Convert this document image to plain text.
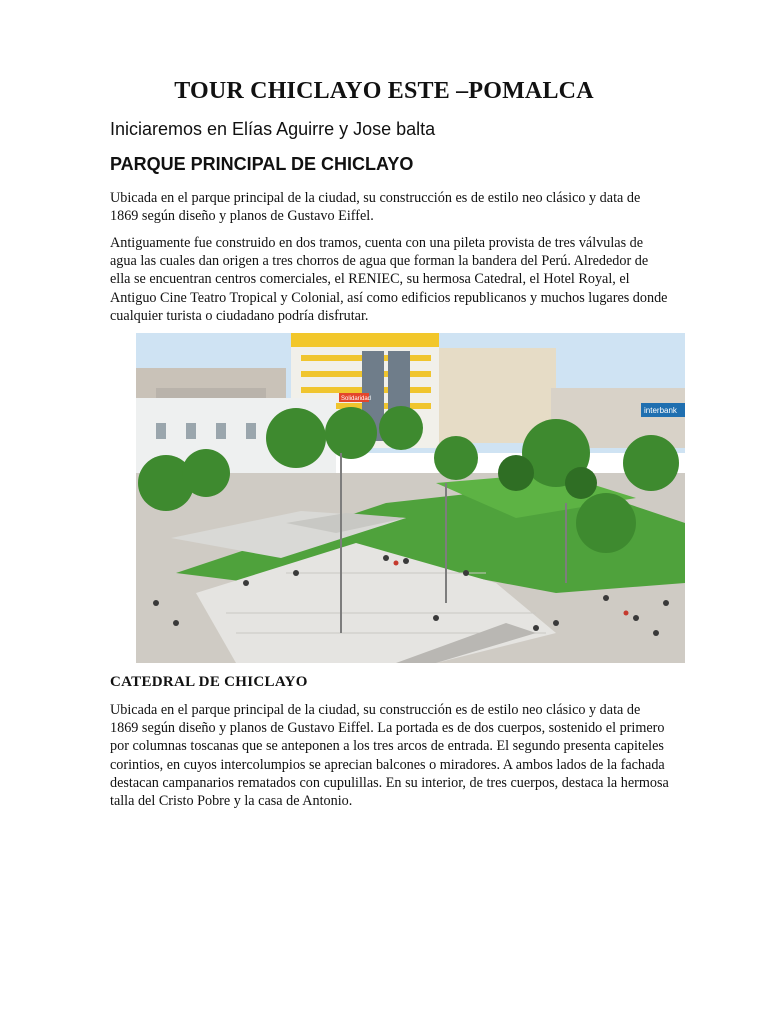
TOUR CHICLAYO ESTE –POMALCA
Iniciaremos en Elías Aguirre y Jose balta
PARQUE PRINCIPAL DE CHICLAYO

Ubicada en el parque principal de la ciudad, su construcción es de estilo neo clásico y data de 1869 según diseño y planos de Gustavo Eiffel.

Antiguamente fue construido en dos tramos, cuenta con una pileta provista de tres válvulas de agua las cuales dan origen a tres chorros de agua que forman la bandera del Perú. Alrededor de ella se encuentran centros comerciales, el RENIEC, su hermosa Catedral, el Hotel Royal, el Antiguo Cine Teatro Tropical y Colonial, así como edificios republicanos y muchos lugares donde cualquier turista o ciudadano podría disfrutar.

Solidaridad
interbank
CATEDRAL DE CHICLAYO

Ubicada en el parque principal de la ciudad, su construcción es de estilo neo clásico y data de 1869 según diseño y planos de Gustavo Eiffel. La portada es de dos cuerpos, sostenido el primero por columnas toscanas que se anteponen a los tres arcos de entrada. El segundo presenta capiteles corintios, en cuyos intercolumpios se aprecian balcones o miradores. A ambos lados de la fachada destacan campanarios rematados con cupulillas. En su interior, de tres cuerpos, destaca la hermosa talla del Cristo Pobre y la casa de Antonio.
